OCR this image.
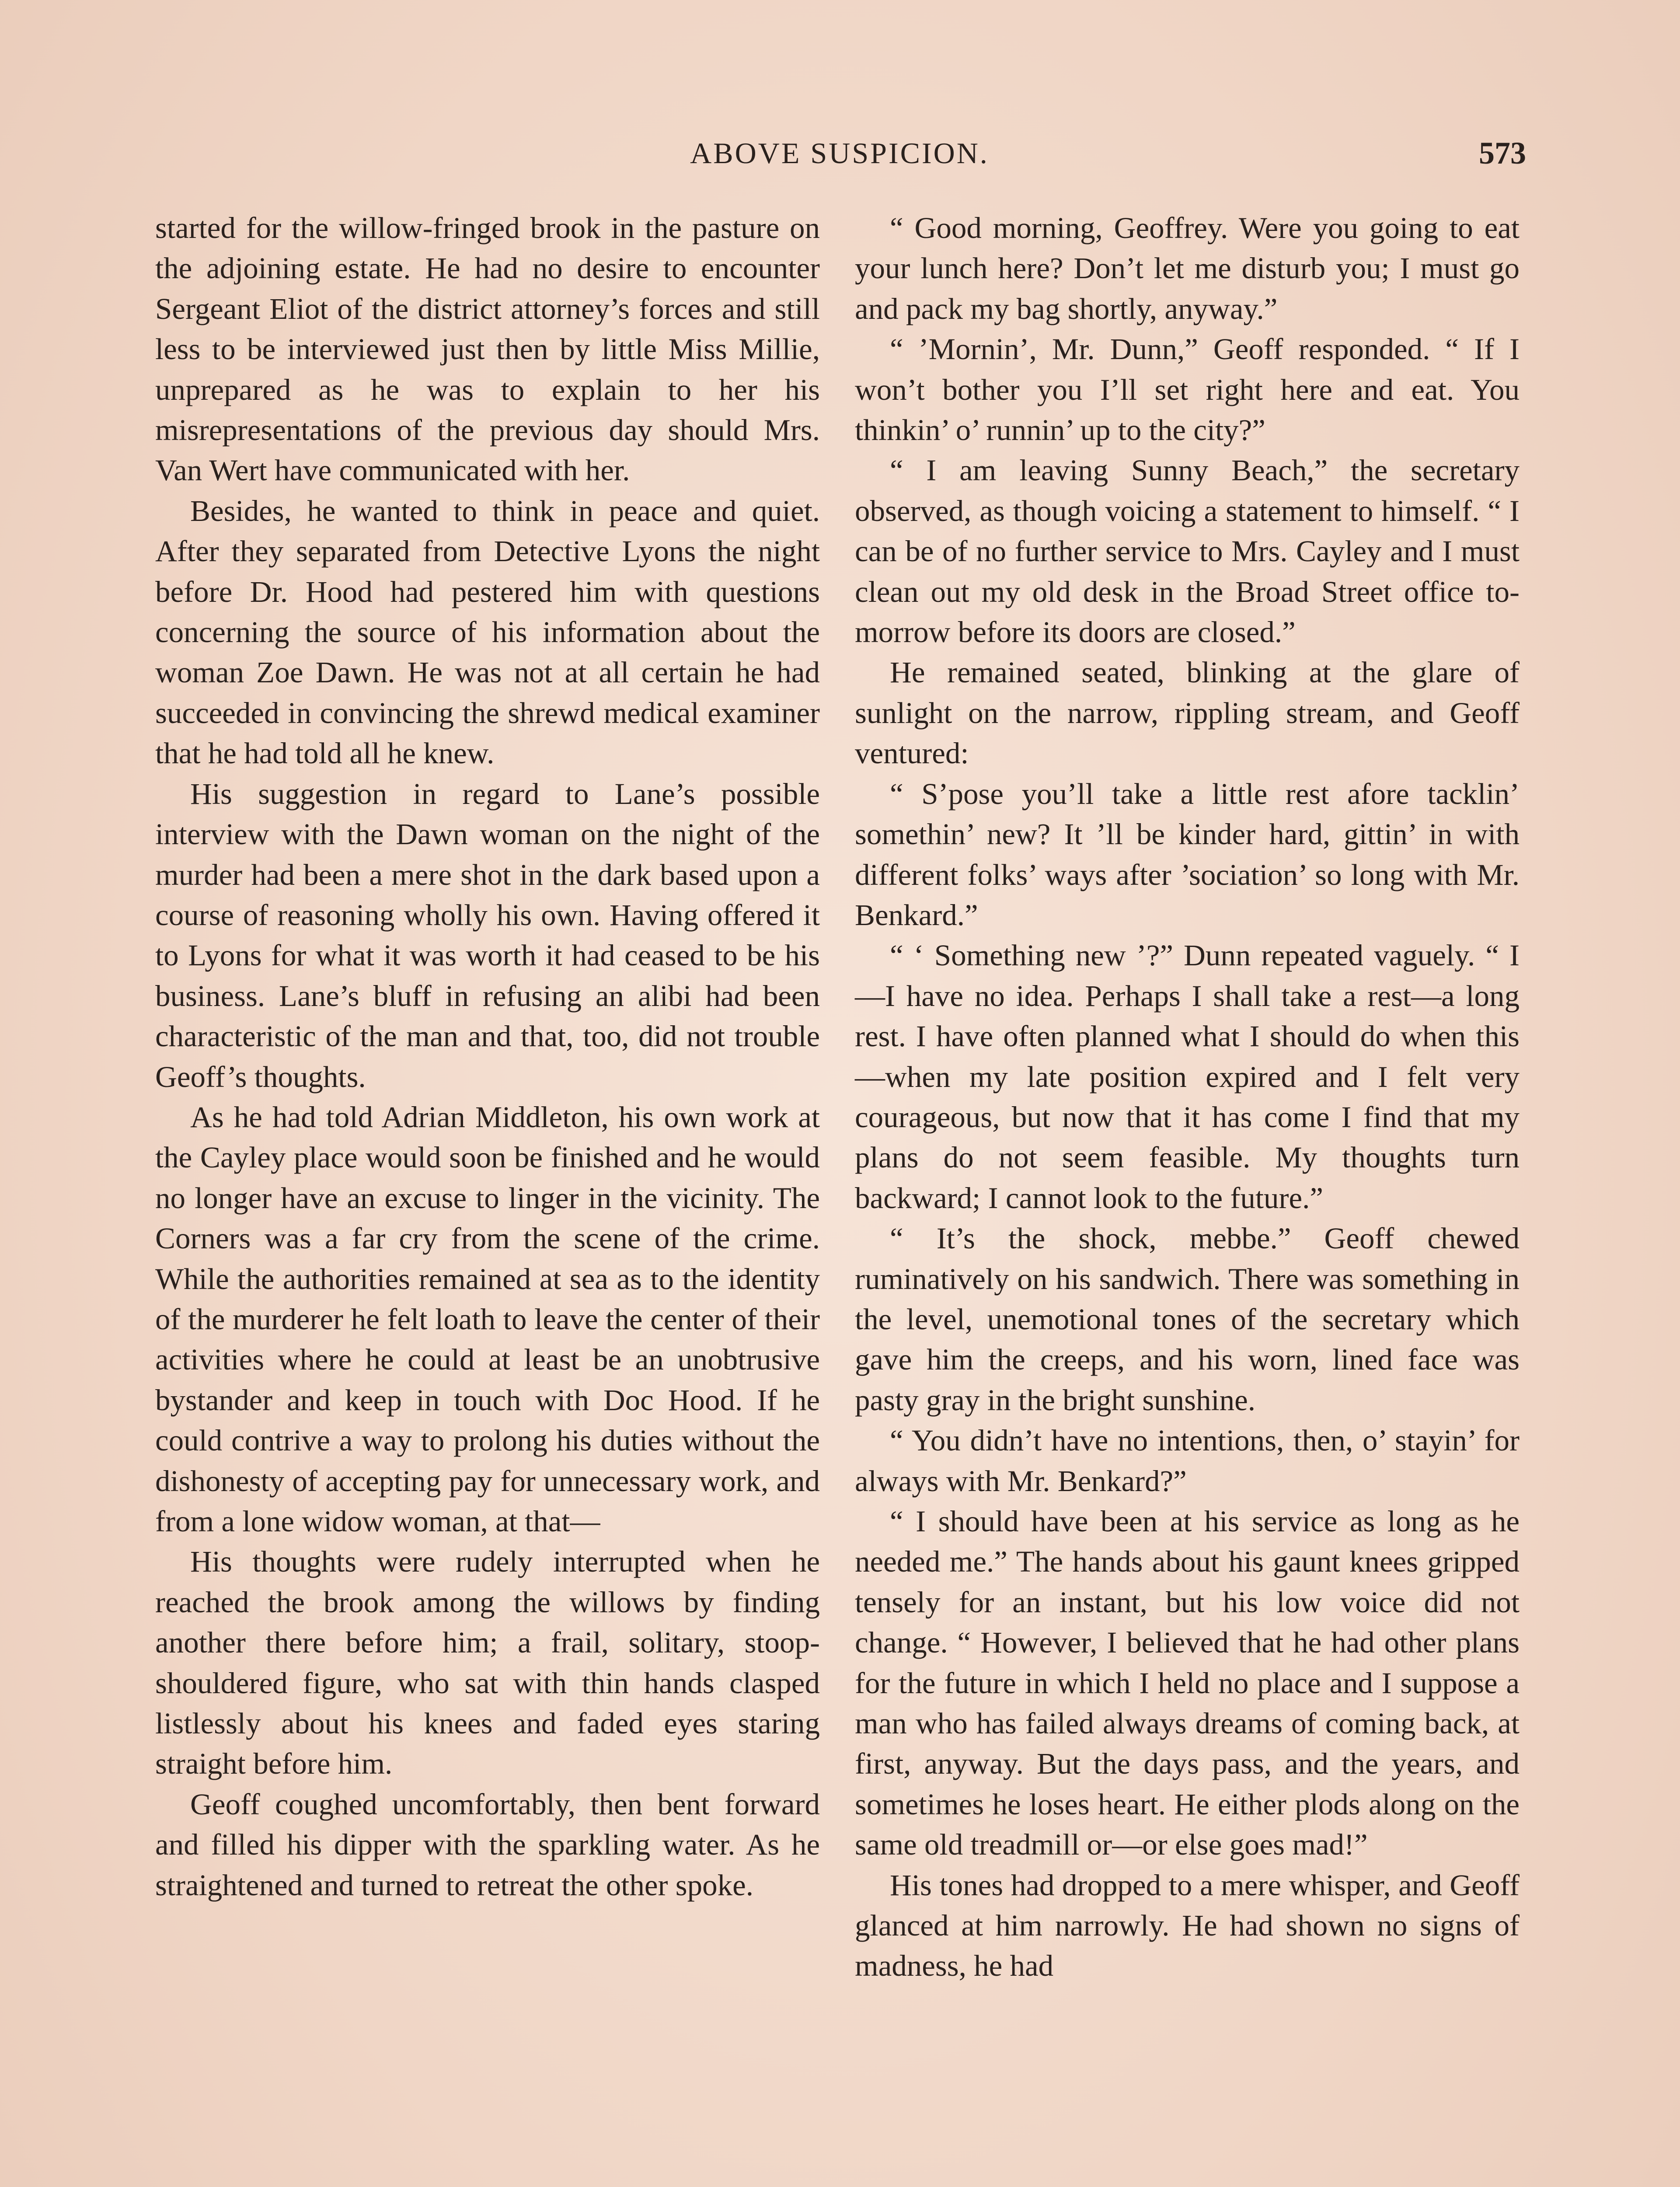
ABOVE SUSPICION.	573

started for the willow-fringed brook in the pasture on the adjoining estate. He had no desire to encounter Sergeant Eliot of the district attorney’s forces and still less to be interviewed just then by little Miss Millie, unprepared as he was to explain to her his misrepresentations of the previous day should Mrs. Van Wert have communicated with her.

Besides, he wanted to think in peace and quiet. After they separated from Detective Lyons the night before Dr. Hood had pestered him with questions concerning the source of his information about the woman Zoe Dawn. He was not at all certain he had succeeded in convincing the shrewd medical examiner that he had told all he knew.

His suggestion in regard to Lane’s possible interview with the Dawn woman on the night of the murder had been a mere shot in the dark based upon a course of reasoning wholly his own. Having offered it to Lyons for what it was worth it had ceased to be his business. Lane’s bluff in refusing an alibi had been characteristic of the man and that, too, did not trouble Geoff’s thoughts.

As he had told Adrian Middleton, his own work at the Cayley place would soon be finished and he would no longer have an excuse to linger in the vicinity. The Corners was a far cry from the scene of the crime. While the authorities remained at sea as to the identity of the murderer he felt loath to leave the center of their activities where he could at least be an unobtrusive bystander and keep in touch with Doc Hood. If he could contrive a way to prolong his duties without the dishonesty of accepting pay for unnecessary work, and from a lone widow woman, at that—

His thoughts were rudely interrupted when he reached the brook among the willows by finding another there before him; a frail, solitary, stoop-shouldered figure, who sat with thin hands clasped listlessly about his knees and faded eyes staring straight before him.

Geoff coughed uncomfortably, then bent forward and filled his dipper with the sparkling water. As he straightened and turned to retreat the other spoke.

“ Good morning, Geoffrey. Were you going to eat your lunch here? Don’t let me disturb you; I must go and pack my bag shortly, anyway.”

“ ’Mornin’, Mr. Dunn,” Geoff responded. “ If I won’t bother you I’ll set right here and eat. You thinkin’ o’ runnin’ up to the city?”

“ I am leaving Sunny Beach,” the secretary observed, as though voicing a statement to himself. “ I can be of no further service to Mrs. Cayley and I must clean out my old desk in the Broad Street office to-morrow before its doors are closed.”

He remained seated, blinking at the glare of sunlight on the narrow, rippling stream, and Geoff ventured:

“ S’pose you’ll take a little rest afore tacklin’ somethin’ new? It ’ll be kinder hard, gittin’ in with different folks’ ways after ’sociation’ so long with Mr. Benkard.”

“ ‘ Something new ’?” Dunn repeated vaguely. “ I—I have no idea. Perhaps I shall take a rest—a long rest. I have often planned what I should do when this—when my late position expired and I felt very courageous, but now that it has come I find that my plans do not seem feasible. My thoughts turn backward; I cannot look to the future.”

“ It’s the shock, mebbe.” Geoff chewed ruminatively on his sandwich. There was something in the level, unemotional tones of the secretary which gave him the creeps, and his worn, lined face was pasty gray in the bright sunshine.

“ You didn’t have no intentions, then, o’ stayin’ for always with Mr. Benkard?”

“ I should have been at his service as long as he needed me.” The hands about his gaunt knees gripped tensely for an instant, but his low voice did not change. “ However, I believed that he had other plans for the future in which I held no place and I suppose a man who has failed always dreams of coming back, at first, anyway. But the days pass, and the years, and sometimes he loses heart. He either plods along on the same old treadmill or—or else goes mad!”

His tones had dropped to a mere whisper, and Geoff glanced at him narrowly. He had shown no signs of madness, he had
